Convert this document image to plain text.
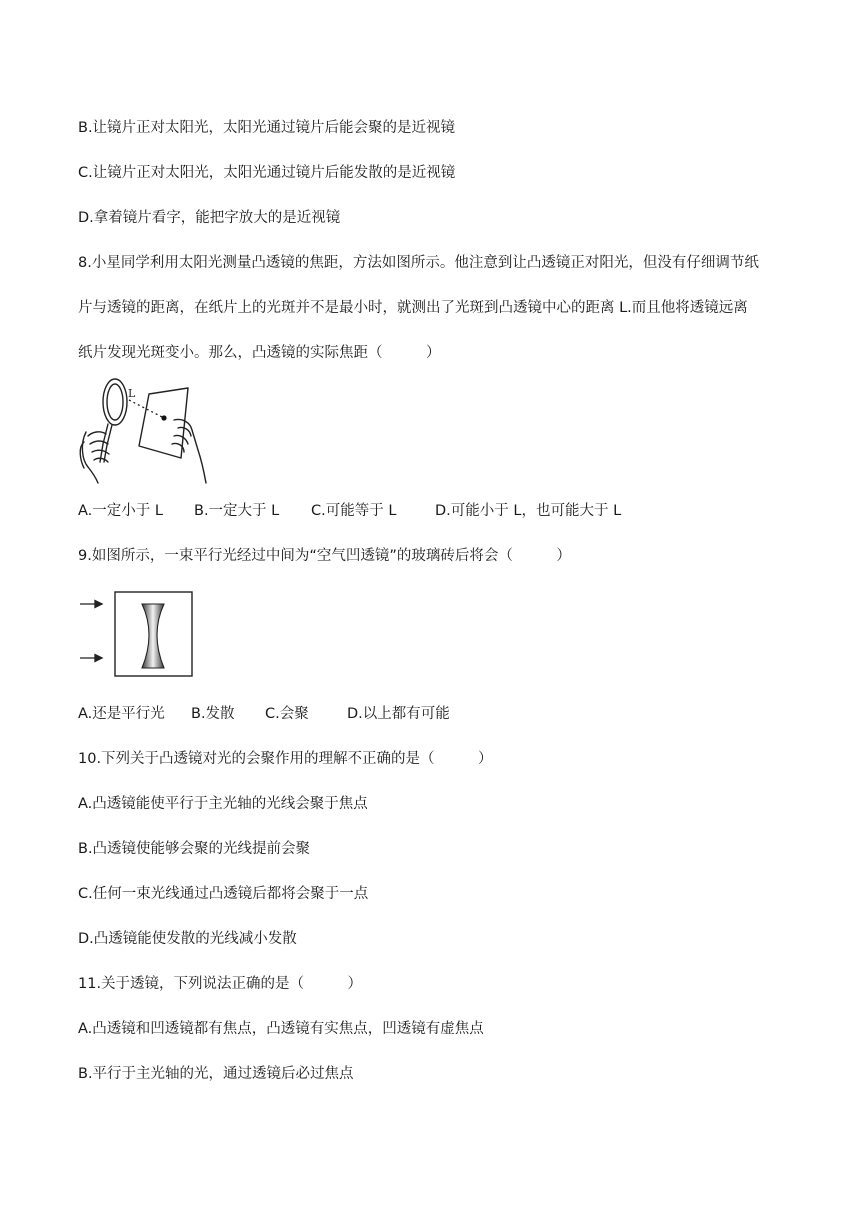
B.让镜片正对太阳光，太阳光通过镜片后能会聚的是近视镜

C.让镜片正对太阳光，太阳光通过镜片后能发散的是近视镜

D.拿着镜片看字，能把字放大的是近视镜

8.小星同学利用太阳光测量凸透镜的焦距，方法如图所示。他注意到让凸透镜正对阳光，但没有仔细调节纸

片与透镜的距离，在纸片上的光斑并不是最小时，就测出了光斑到凸透镜中心的距离 L.而且他将透镜远离

纸片发现光斑变小。那么，凸透镜的实际焦距（　　　）

L
A.一定小于 L B.一定大于 L C.可能等于 L	D.可能小于 L，也可能大于 L

9.如图所示，一束平行光经过中间为“空气凹透镜”的玻璃砖后将会（　　　）

A.还是平行光 B.发散 C.会聚	D.以上都有可能

10.下列关于凸透镜对光的会聚作用的理解不正确的是（　　　）

A.凸透镜能使平行于主光轴的光线会聚于焦点

B.凸透镜使能够会聚的光线提前会聚

C.任何一束光线通过凸透镜后都将会聚于一点

D.凸透镜能使发散的光线减小发散

11.关于透镜，下列说法正确的是（　　　）

A.凸透镜和凹透镜都有焦点，凸透镜有实焦点，凹透镜有虚焦点

B.平行于主光轴的光，通过透镜后必过焦点
